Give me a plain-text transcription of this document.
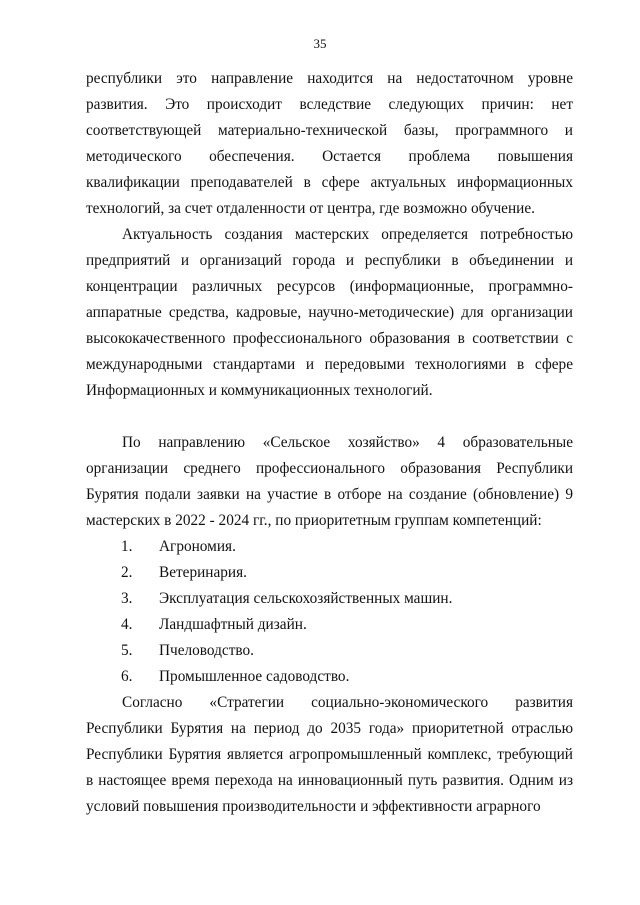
35

республики это направление находится на недостаточном уровне развития. Это происходит вследствие следующих причин: нет соответствующей материально-технической базы, программного и методического обеспечения. Остается проблема повышения квалификации преподавателей в сфере актуальных информационных технологий, за счет отдаленности от центра, где возможно обучение.

Актуальность создания мастерских определяется потребностью предприятий и организаций города и республики в объединении и концентрации различных ресурсов (информационные, программно-аппаратные средства, кадровые, научно-методические) для организации высококачественного профессионального образования в соответствии с международными стандартами и передовыми технологиями в сфере Информационных и коммуникационных технологий.

По направлению «Сельское хозяйство» 4 образовательные организации среднего профессионального образования Республики Бурятия подали заявки на участие в отборе на создание (обновление) 9 мастерских в 2022 - 2024 гг., по приоритетным группам компетенций:

1. Агрономия.
2. Ветеринария.
3. Эксплуатация сельскохозяйственных машин.
4. Ландшафтный дизайн.
5. Пчеловодство.
6. Промышленное садоводство.

Согласно «Стратегии социально-экономического развития Республики Бурятия на период до 2035 года» приоритетной отраслью Республики Бурятия является агропромышленный комплекс, требующий в настоящее время перехода на инновационный путь развития. Одним из условий повышения производительности и эффективности аграрного
